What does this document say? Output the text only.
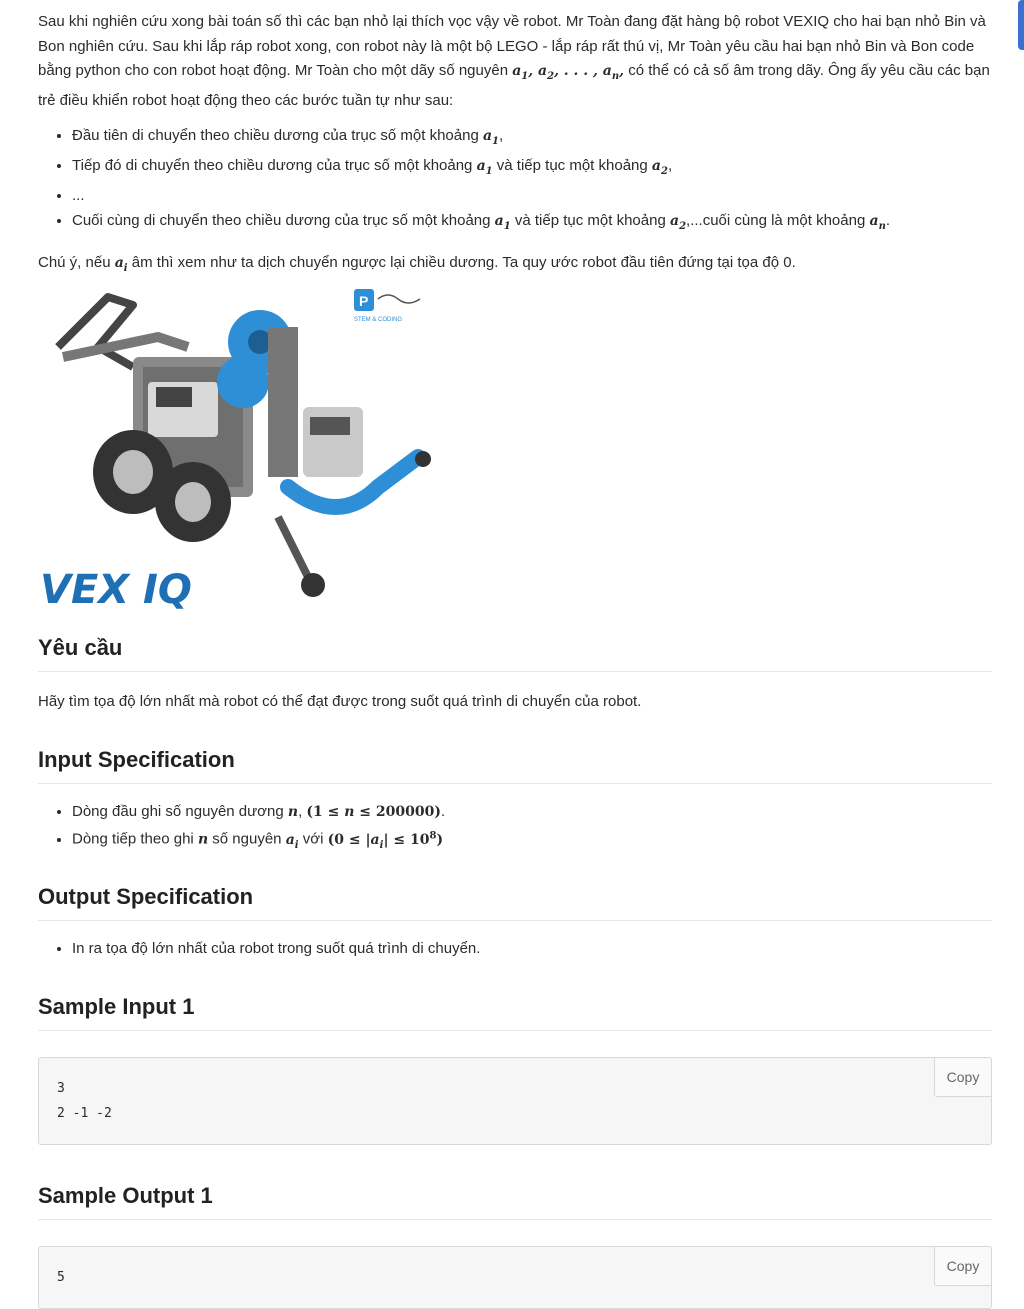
Sau khi nghiên cứu xong bài toán số thì các bạn nhỏ lại thích vọc vậy về robot. Mr Toàn đang đặt hàng bộ robot VEXIQ cho hai bạn nhỏ Bin và Bon nghiên cứu. Sau khi lắp ráp robot xong, con robot này là một bộ LEGO - lắp ráp rất thú vị, Mr Toàn yêu cầu hai bạn nhỏ Bin và Bon code bằng python cho con robot hoạt động. Mr Toàn cho một dãy số nguyên $a_1$, $a_2$, . . . , $a_n$, có thể có cả số âm trong dãy. Ông ấy yêu cầu các bạn trẻ điều khiển robot hoạt động theo các bước tuần tự như sau:

• Đầu tiên di chuyển theo chiều dương của trục số một khoảng $a_1$,
• Tiếp đó di chuyển theo chiều dương của trục số một khoảng $a_1$ và tiếp tục một khoảng $a_2$,
• ...
• Cuối cùng di chuyển theo chiều dương của trục số một khoảng $a_1$ và tiếp tục một khoảng $a_2,...cuối$ cùng là một khoảng $a_n$.

Chú ý, nếu $a_i$ âm thì xem như ta dịch chuyển ngược lại chiều dương. Ta quy ước robot đầu tiên đứng tại tọa độ 0.

P
STEM & CODING
VEX IQ
Yêu cầu

Hãy tìm tọa độ lớn nhất mà robot có thể đạt được trong suốt quá trình di chuyển của robot.

Input Specification
• Dòng đầu ghi số nguyên dương n, (1 ≤ n ≤ 200000).
• Dòng tiếp theo ghi n số nguyên $a_i$ với $(0 \le |a_i| \le 10^8)$
Output Specification
• In ra tọa độ lớn nhất của robot trong suốt quá trình di chuyển.
Sample Input 1
3
2 -1 -2
Copy
Sample Output 1
5
Copy
